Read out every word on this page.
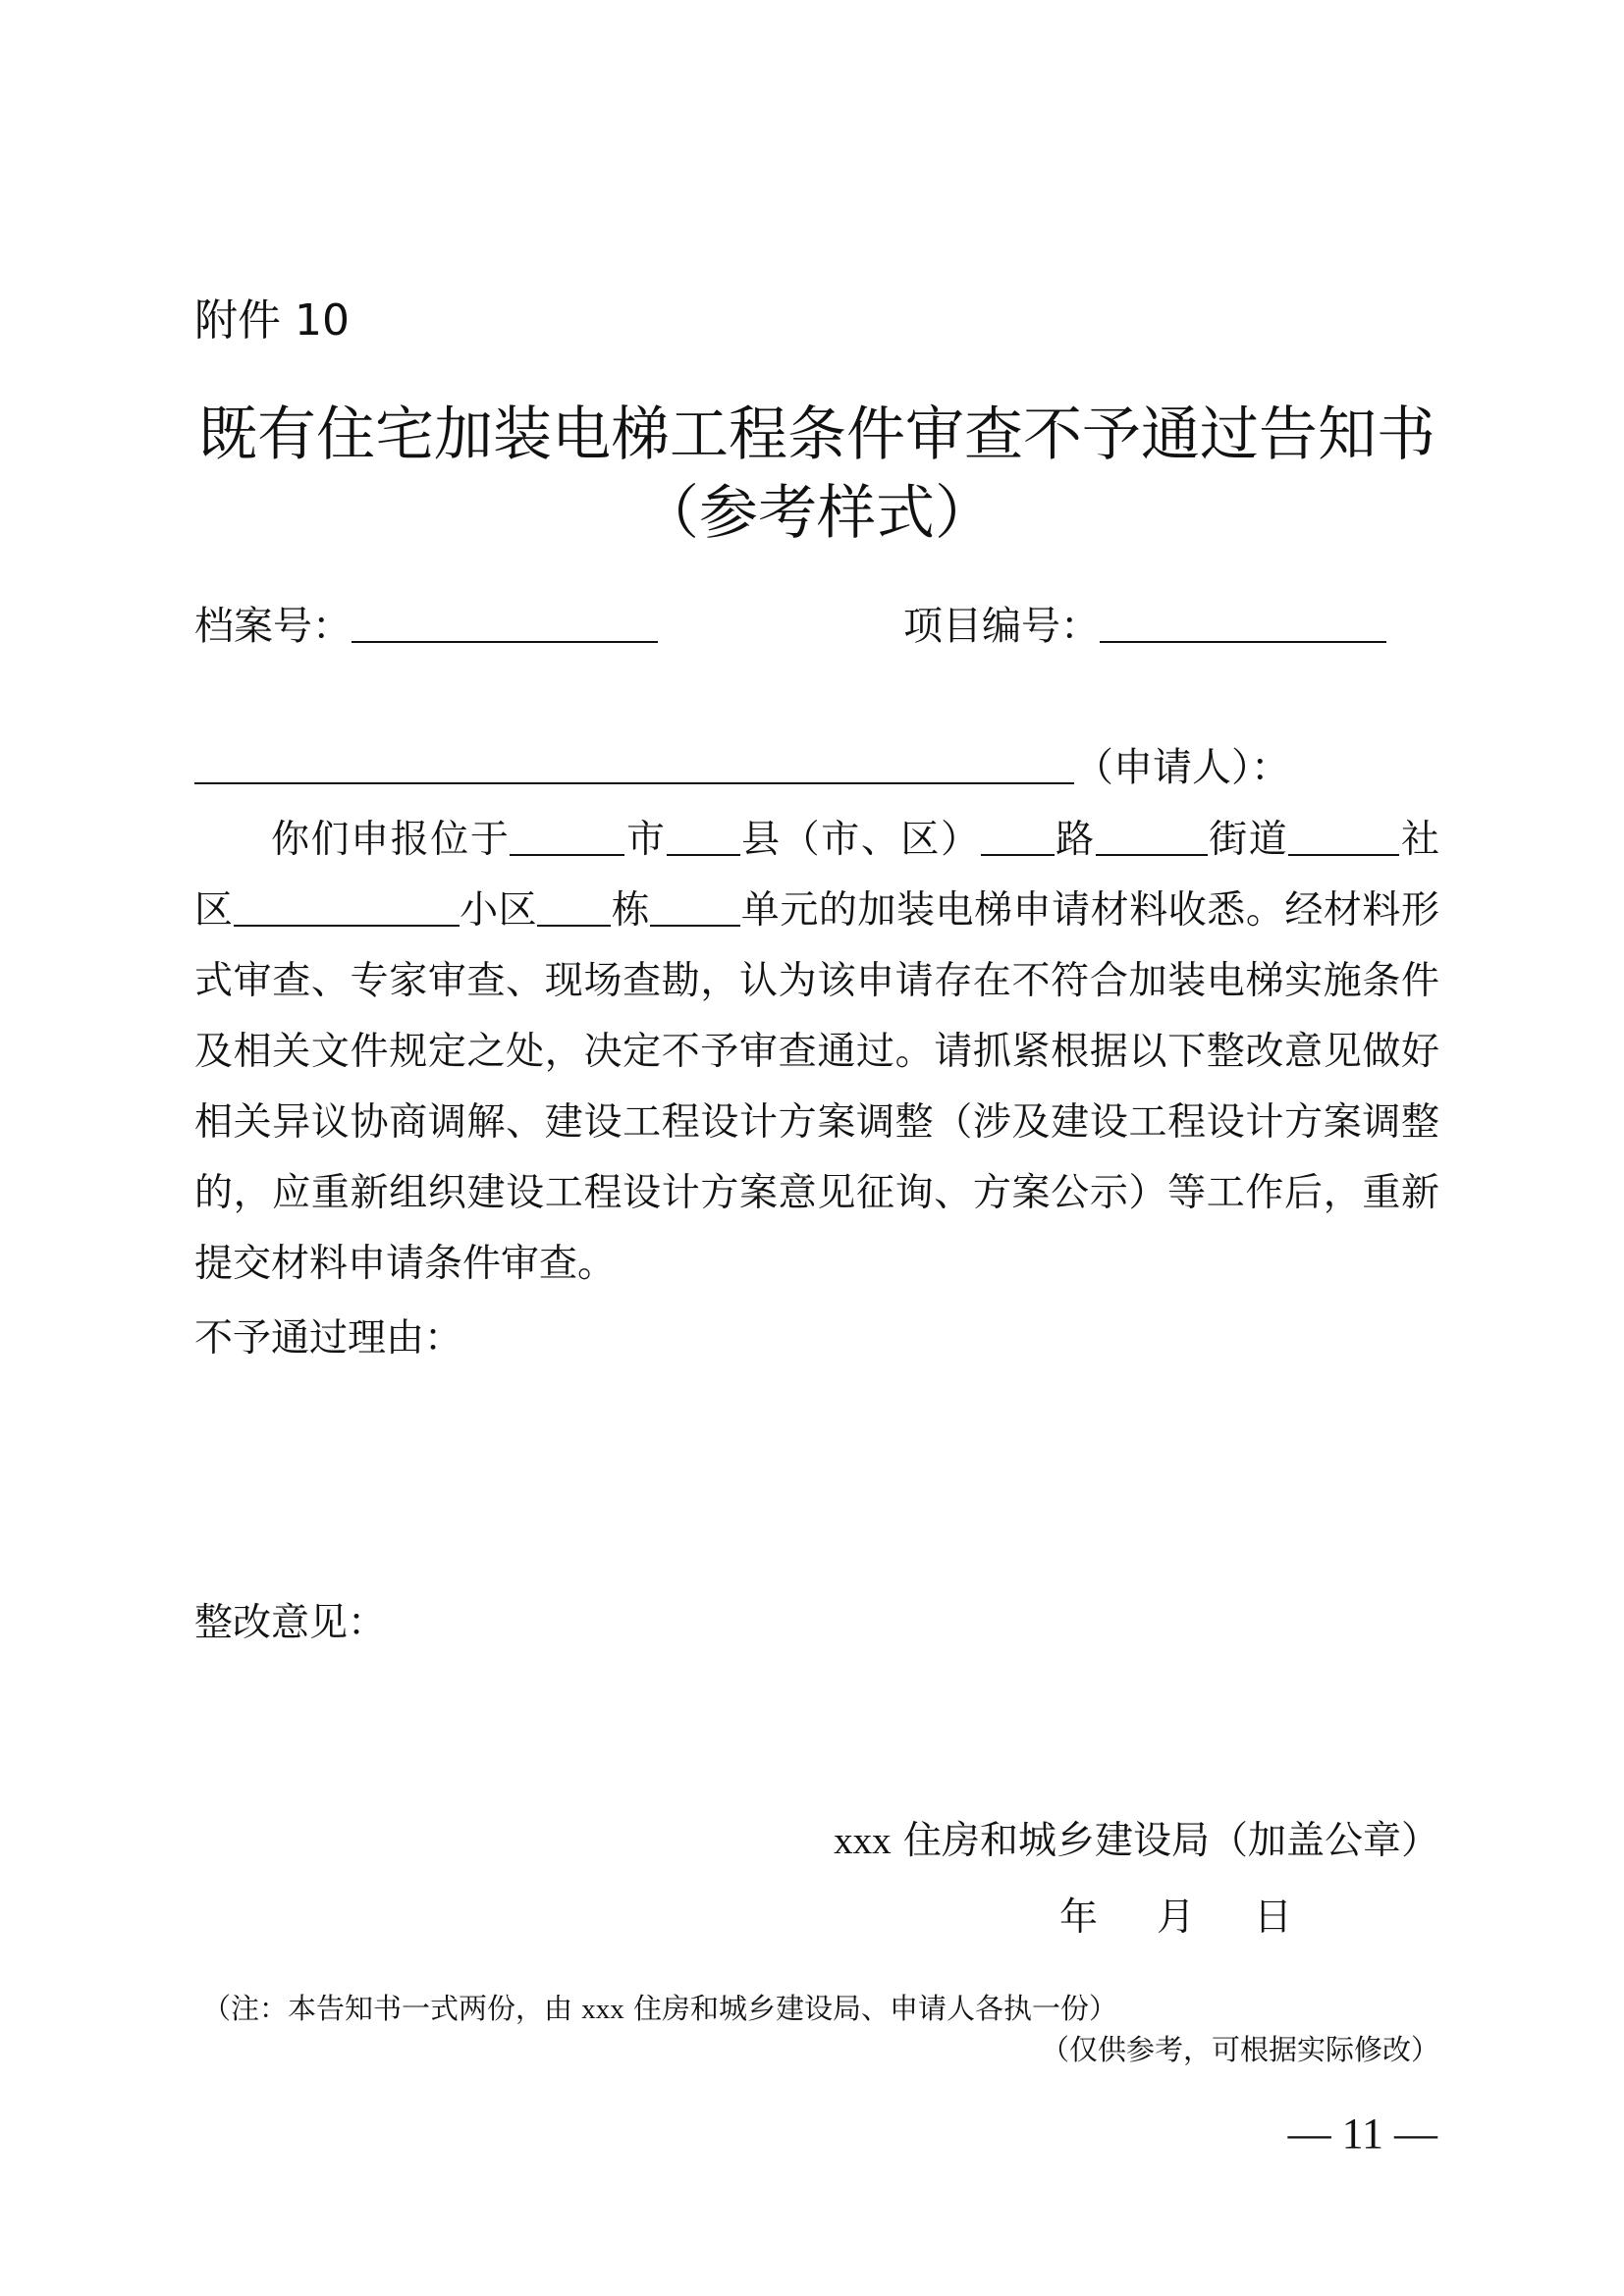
附件 10
既有住宅加装电梯工程条件审查不予通过告知书
（参考样式）
档案号：	项目编号：
（申请人）：
你们申报位于	市 县（市、区） 路	街道	社
区	小区 栋 单元的加装电梯申请材料收悉。经材料形
式审查、专家审查、现场查勘，认为该申请存在不符合加装电梯实施条件
及相关文件规定之处，决定不予审查通过。请抓紧根据以下整改意见做好
相关异议协商调解、建设工程设计方案调整（涉及建设工程设计方案调整
的，应重新组织建设工程设计方案意见征询、方案公示）等工作后，重新
提交材料申请条件审查。
不予通过理由：
整改意见：
xxx 住房和城乡建设局（加盖公章）
年 月 日
（注：本告知书一式两份，由 xxx 住房和城乡建设局、申请人各执一份）
（仅供参考，可根据实际修改）
— 11 —
